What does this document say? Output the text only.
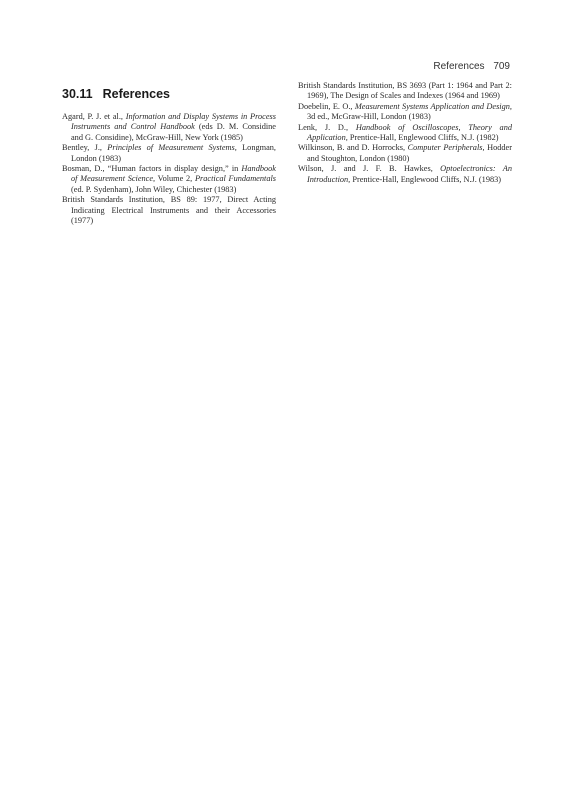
References 709
30.11 References

Agard, P. J. et al., Information and Display Systems in Process Instruments and Control Handbook (eds D. M. Considine and G. Considine), McGraw-Hill, New York (1985)

Bentley, J., Principles of Measurement Systems, Longman, London (1983)

Bosman, D., “Human factors in display design,” in Handbook of Measurement Science, Volume 2, Practical Fundamentals (ed. P. Sydenham), John Wiley, Chichester (1983)

British Standards Institution, BS 89: 1977, Direct Acting Indicating Electrical Instruments and their Accessories (1977)

British Standards Institution, BS 3693 (Part 1: 1964 and Part 2: 1969), The Design of Scales and Indexes (1964 and 1969)

Doebelin, E. O., Measurement Systems Application and Design, 3d ed., McGraw-Hill, London (1983)

Lenk, J. D., Handbook of Oscilloscopes, Theory and Application, Prentice-Hall, Englewood Cliffs, N.J. (1982)

Wilkinson, B. and D. Horrocks, Computer Peripherals, Hodder and Stoughton, London (1980)

Wilson, J. and J. F. B. Hawkes, Optoelectronics: An Introduction, Prentice-Hall, Englewood Cliffs, N.J. (1983)
